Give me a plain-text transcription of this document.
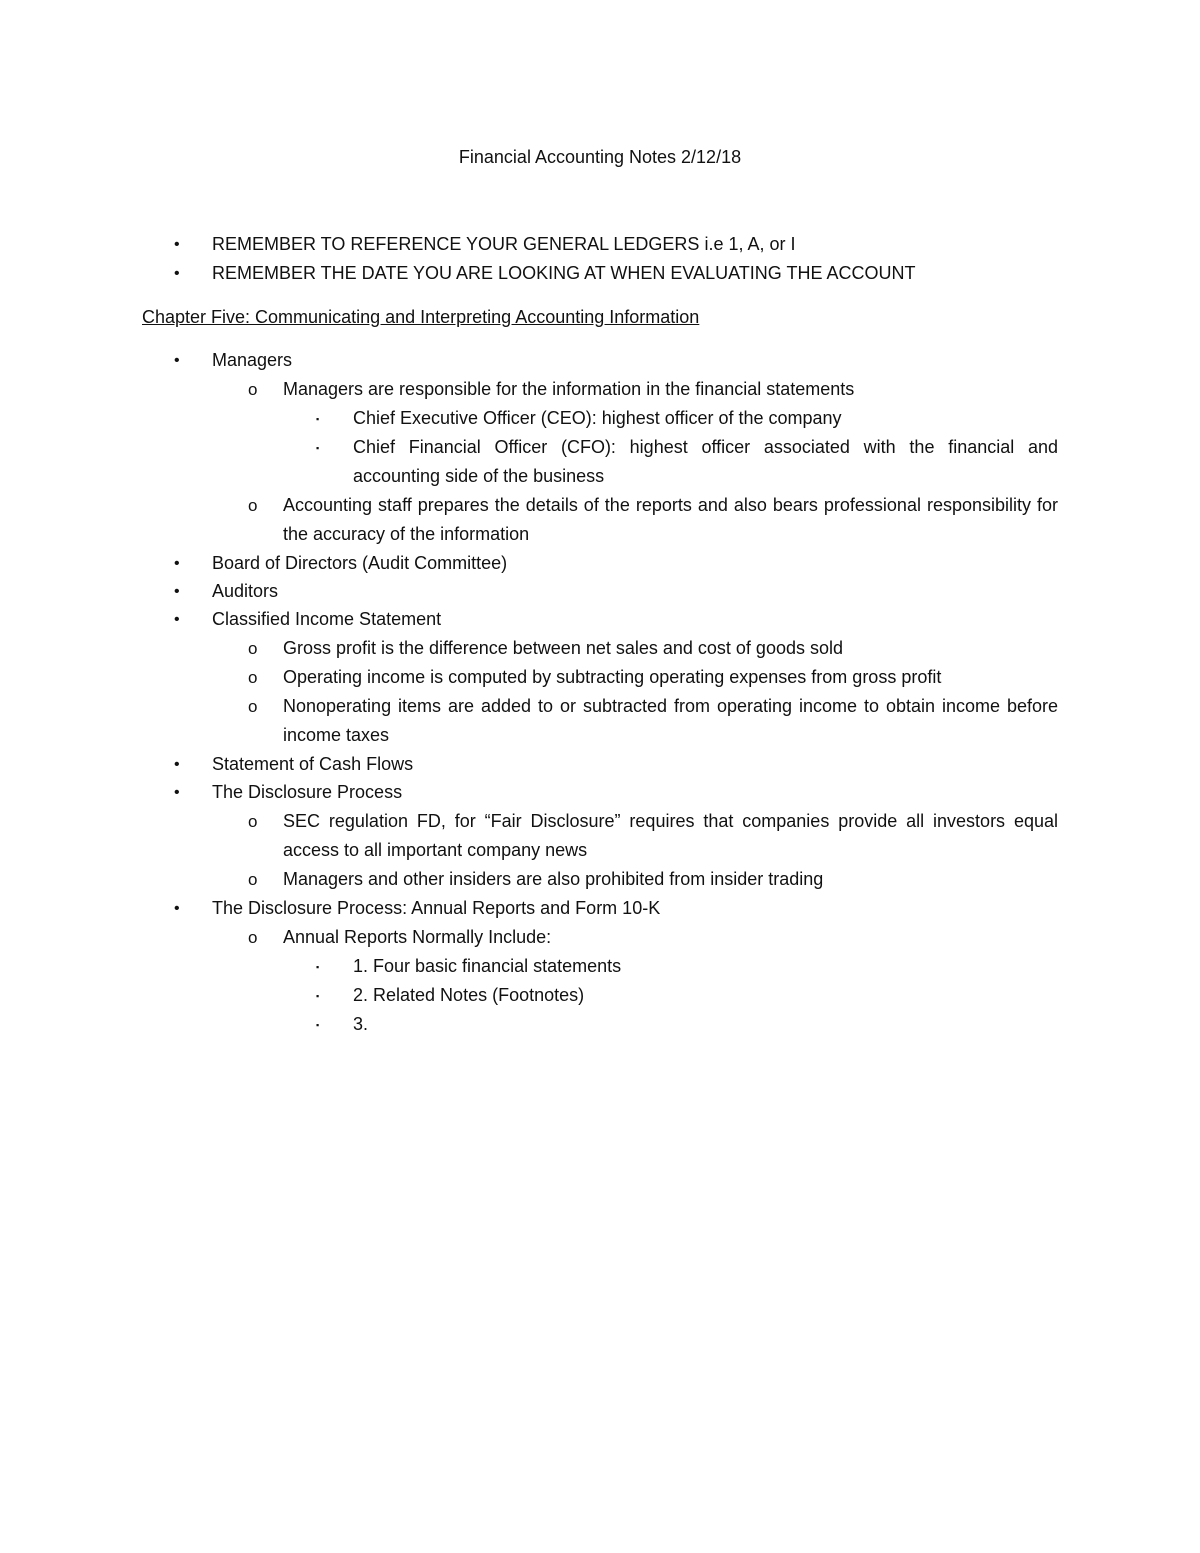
Financial Accounting Notes 2/12/18
• REMEMBER TO REFERENCE YOUR GENERAL LEDGERS i.e 1, A, or I
• REMEMBER THE DATE YOU ARE LOOKING AT WHEN EVALUATING THE ACCOUNT
Chapter Five: Communicating and Interpreting Accounting Information
• Managers
o Managers are responsible for the information in the financial statements
▪ Chief Executive Officer (CEO): highest officer of the company
▪ Chief Financial Officer (CFO): highest officer associated with the financial and accounting side of the business
o Accounting staff prepares the details of the reports and also bears professional responsibility for the accuracy of the information
• Board of Directors (Audit Committee)
• Auditors
• Classified Income Statement
o Gross profit is the difference between net sales and cost of goods sold
o Operating income is computed by subtracting operating expenses from gross profit
o Nonoperating items are added to or subtracted from operating income to obtain income before income taxes
• Statement of Cash Flows
• The Disclosure Process
o SEC regulation FD, for “Fair Disclosure” requires that companies provide all investors equal access to all important company news
o Managers and other insiders are also prohibited from insider trading
• The Disclosure Process: Annual Reports and Form 10-K
o Annual Reports Normally Include:
▪ 1. Four basic financial statements
▪ 2. Related Notes (Footnotes)
▪ 3.
